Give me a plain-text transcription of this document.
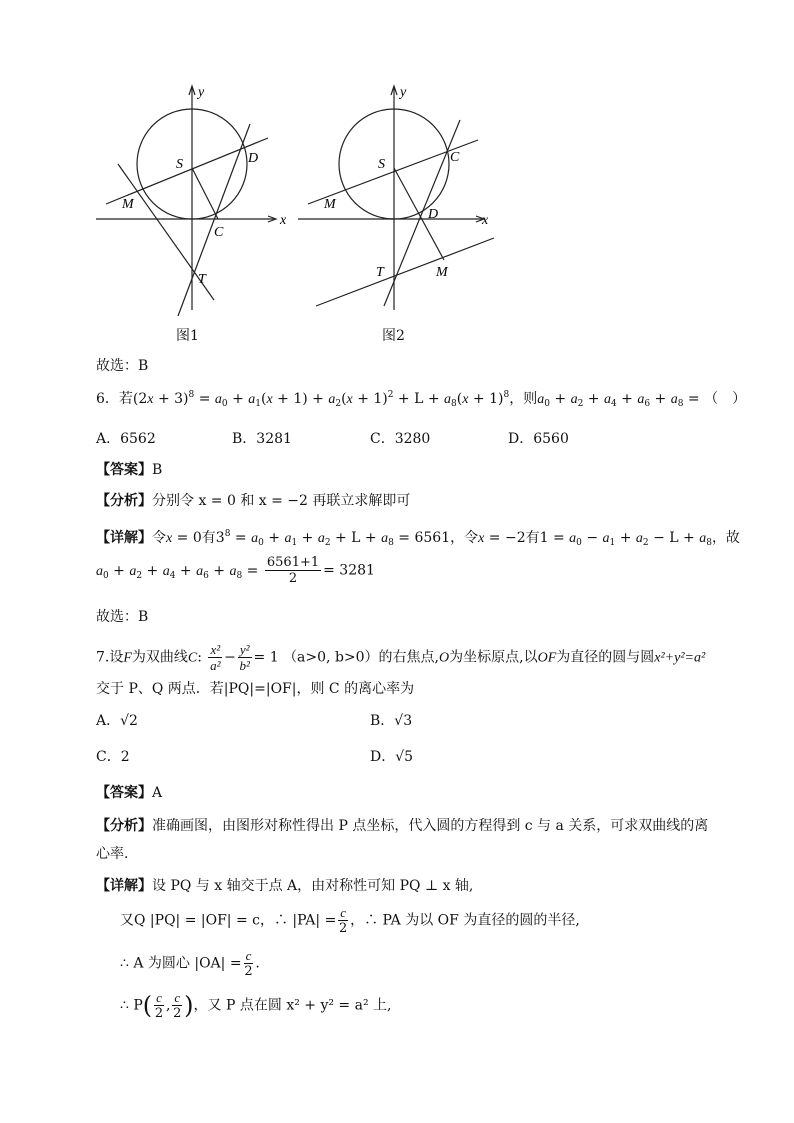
y
x
S	D
M
C
T
图1
y
x
S	C
M
D
T	M
图2
故选：B
6．若$(2x + 3)^8 = a_0 + a_1(x + 1) + a_2(x + 1)^2 + L + a_8(x + 1)^8$，则$a_0 + a_2 + a_4 + a_6 + a_8$ = （　）
A．6562	B．3281	C．3280	D．6560
【答案】B
【分析】分别令 x = 0 和 x = −2 再联立求解即可
【详解】令x = 0有$3^8 = a_0 + a_1 + a_2 + L + a_8 = 6561$，令x = −2有$1 = a_0 - a_1 + a_2 - L + a_8$，故
$a_0 + a_2 + a_4 + a_6 + a_8 = \frac{6561+1}{2} = 3281$
故选：B
7.设F为双曲线C: $\frac{\text{x²}}{\text{a²}} - \frac{\text{y²}}{\text{b²}} = 1$ （a>0, b>0）的右焦点,O为坐标原点,以OF为直径的圆与圆x²+y²=a²
交于 P、Q 两点．若|PQ|=|OF|，则 C 的离心率为
A．√2	B．√3
C．2	D．√5
【答案】A
【分析】准确画图，由图形对称性得出 P 点坐标，代入圆的方程得到 c 与 a 关系，可求双曲线的离
心率.
【详解】设 PQ 与 x 轴交于点 A，由对称性可知 PQ ⊥ x 轴,
又Q |PQ| = |OF| = c，∴ $|PA| = \frac{c}{2}$ ，∴ PA 为以 OF 为直径的圆的半径,
∴ A 为圆心 $|OA| = \frac{c}{2}$ .
∴ $P( \frac{c}{2}$ , $\frac{c}{2}$ )，又 P 点在圆 x² + y² = a² 上,
